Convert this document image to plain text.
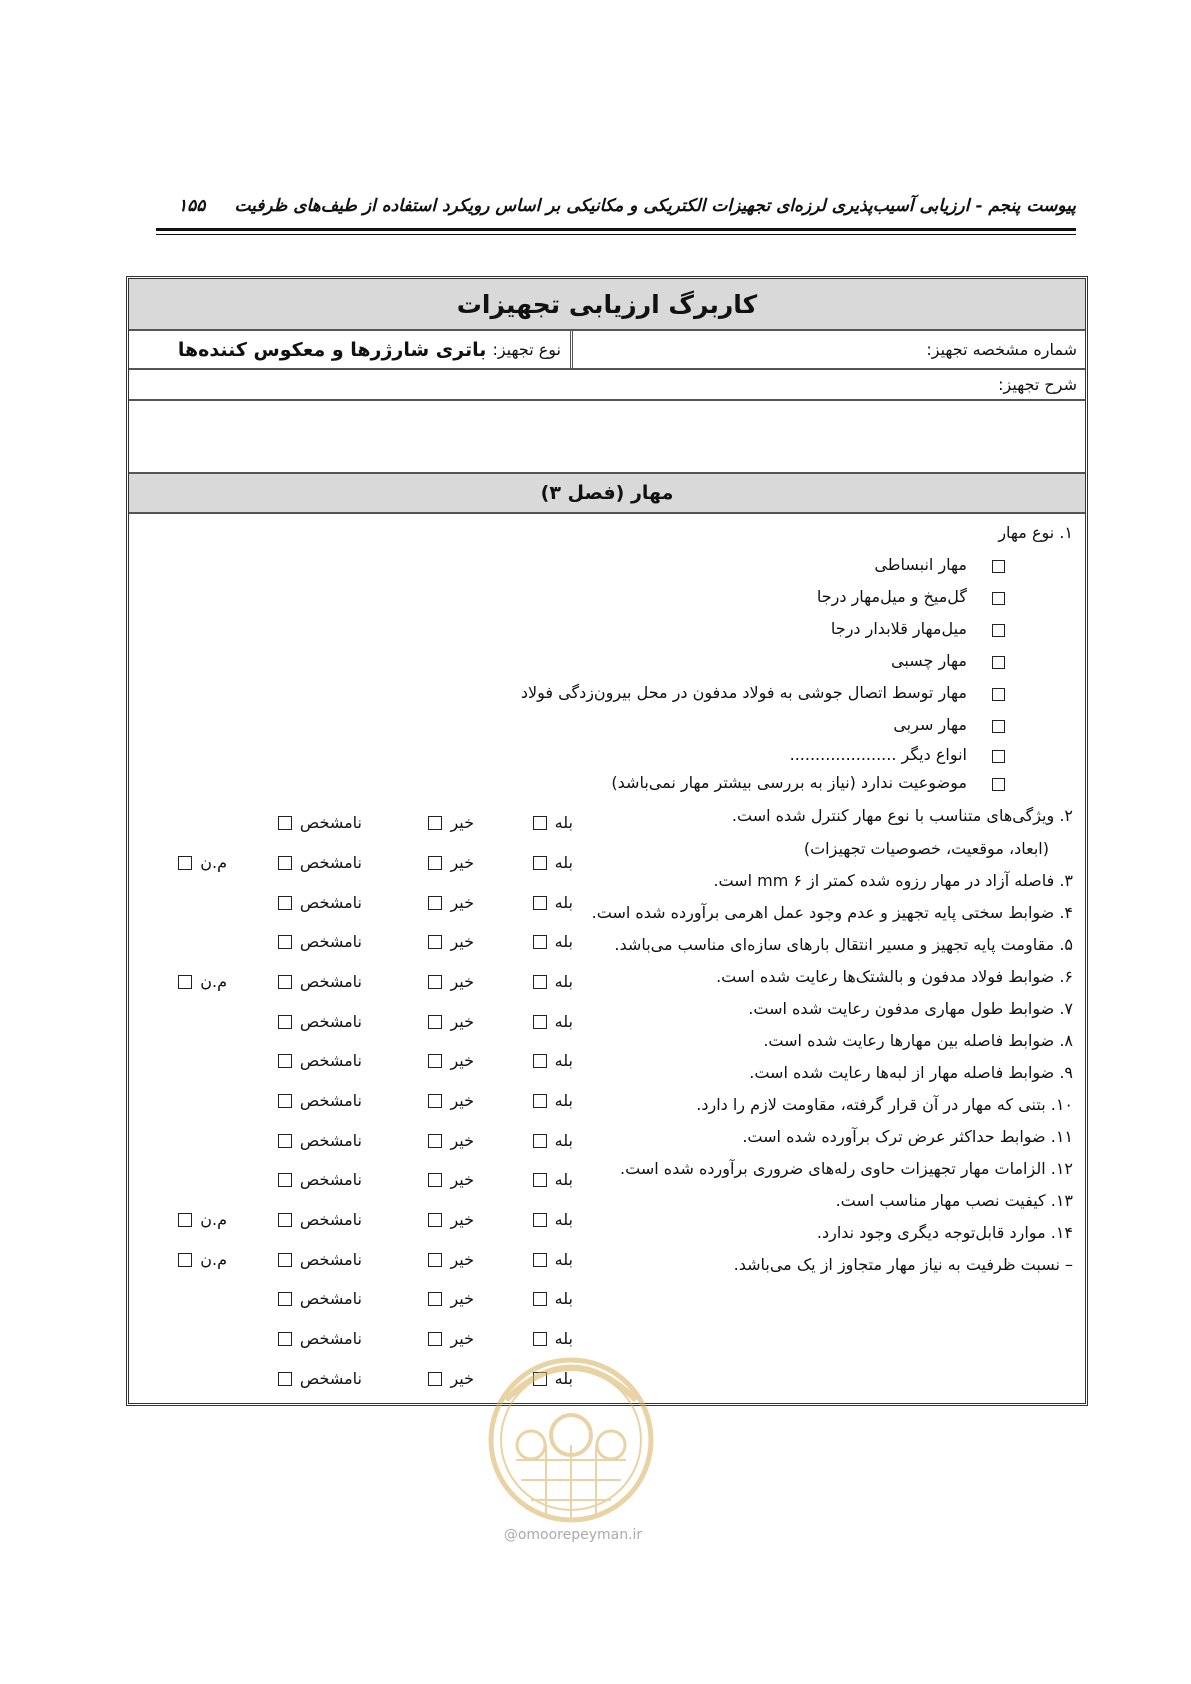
پیوست پنجم - ارزیابی آسیب‌پذیری لرزه‌ای تجهیزات الکتریکی و مکانیکی بر اساس رویکرد استفاده از طیف‌های ظرفیت
۱۵۵
کاربرگ ارزیابی تجهیزات
شماره مشخصه تجهیز:
نوع تجهیز:
باتری شارژرها و معکوس کننده‌ها
شرح تجهیز:
مهار (فصل ۳)
۱. نوع مهار
مهار انبساطی
گل‌میخ و میل‌مهار درجا
میل‌مهار قلابدار درجا
مهار چسبی
مهار توسط اتصال جوشی به فولاد مدفون در محل بیرون‌زدگی فولاد
مهار سربی
انواع دیگر .....................
موضوعیت ندارد (نیاز به بررسی بیشتر مهار نمی‌باشد)
۲. ویژگی‌های متناسب با نوع مهار کنترل شده است.
(ابعاد، موقعیت، خصوصیات تجهیزات)
۳. فاصله آزاد در مهار رزوه شده کمتر از ۶ mm است.
۴. ضوابط سختی پایه تجهیز و عدم وجود عمل اهرمی برآورده شده است.
۵. مقاومت پایه تجهیز و مسیر انتقال بارهای سازه‌ای مناسب می‌باشد.
۶. ضوابط فولاد مدفون و بالشتک‌ها رعایت شده است.
۷. ضوابط طول مهاری مدفون رعایت شده است.
۸. ضوابط فاصله بین مهارها رعایت شده است.
۹. ضوابط فاصله مهار از لبه‌ها رعایت شده است.
۱۰. بتنی که مهار در آن قرار گرفته، مقاومت لازم را دارد.
۱۱. ضوابط حداکثر عرض ترک برآورده شده است.
۱۲. الزامات مهار تجهیزات حاوی رله‌های ضروری برآورده شده است.
۱۳. کیفیت نصب مهار مناسب است.
۱۴. موارد قابل‌توجه دیگری وجود ندارد.
– نسبت ظرفیت به نیاز مهار متجاوز از یک می‌باشد.
بله
خیر
نامشخص
بله
خیر
نامشخص
م.ن
بله
خیر
نامشخص
بله
خیر
نامشخص
بله
خیر
نامشخص
م.ن
بله
خیر
نامشخص
بله
خیر
نامشخص
بله
خیر
نامشخص
بله
خیر
نامشخص
بله
خیر
نامشخص
بله
خیر
نامشخص
م.ن
بله
خیر
نامشخص
م.ن
بله
خیر
نامشخص
بله
خیر
نامشخص
بله
خیر
نامشخص
@omoorepeyman.ir
